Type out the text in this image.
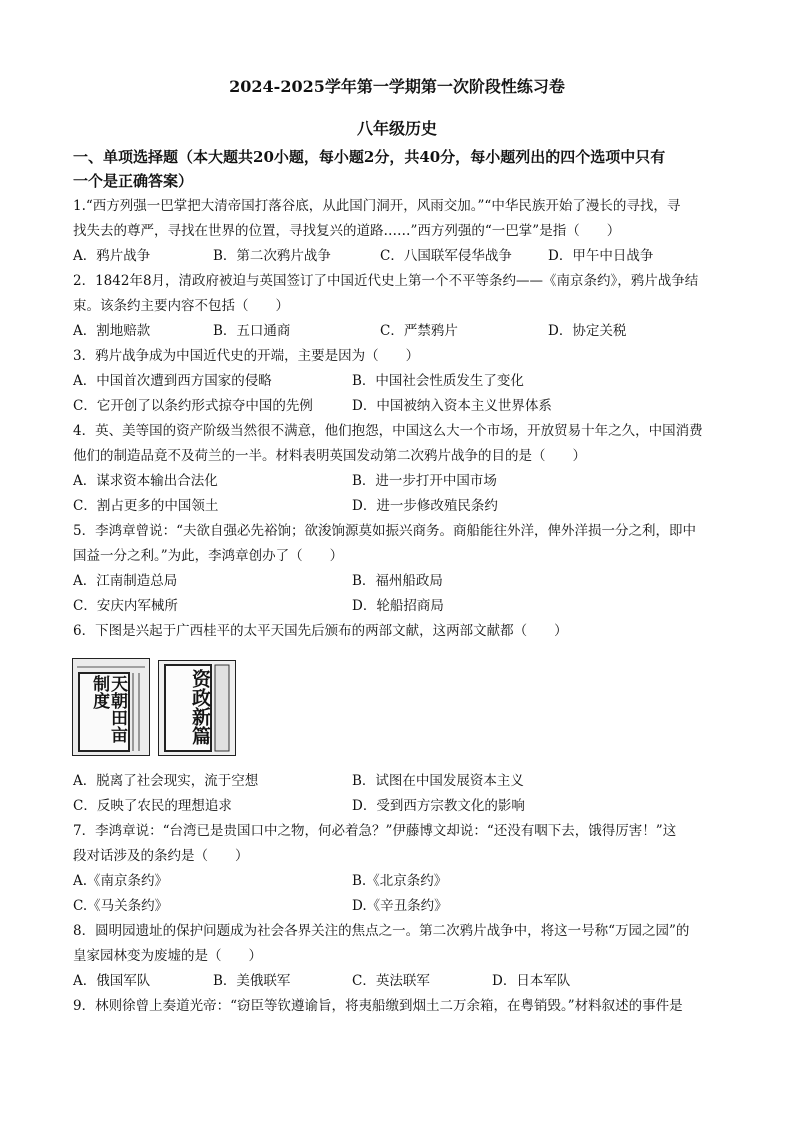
2024-2025学年第一学期第一次阶段性练习卷
八年级历史
一、单项选择题（本大题共20小题，每小题2分，共40分，每小题列出的四个选项中只有
一个是正确答案）
1.“西方列强一巴掌把大清帝国打落谷底，从此国门洞开，风雨交加。”“中华民族开始了漫长的寻找，寻
找失去的尊严，寻找在世界的位置，寻找复兴的道路……”西方列强的“一巴掌”是指（　　）
A．鸦片战争	B．第二次鸦片战争	C．八国联军侵华战争	D．甲午中日战争
2．1842年8月，清政府被迫与英国签订了中国近代史上第一个不平等条约——《南京条约》，鸦片战争结
束。该条约主要内容不包括（　　）
A．割地赔款	B．五口通商	C．严禁鸦片	D．协定关税
3．鸦片战争成为中国近代史的开端，主要是因为（　　）
A．中国首次遭到西方国家的侵略	B．中国社会性质发生了变化
C．它开创了以条约形式掠夺中国的先例	D．中国被纳入资本主义世界体系
4．英、美等国的资产阶级当然很不满意，他们抱怨，中国这么大一个市场，开放贸易十年之久，中国消费
他们的制造品竟不及荷兰的一半。材料表明英国发动第二次鸦片战争的目的是（　　）
A．谋求资本输出合法化	B．进一步打开中国市场
C．割占更多的中国领土	D．进一步修改殖民条约
5．李鸿章曾说：“夫欲自强必先裕饷；欲浚饷源莫如振兴商务。商船能往外洋，俾外洋损一分之利，即中
国益一分之利。”为此，李鸿章创办了（　　）
A．江南制造总局	B．福州船政局
C．安庆内军械所	D．轮船招商局
6．下图是兴起于广西桂平的太平天国先后颁布的两部文献，这两部文献都（　　）
天朝田亩制度	资政新篇
A．脱离了社会现实，流于空想	B．试图在中国发展资本主义
C．反映了农民的理想追求	D．受到西方宗教文化的影响
7．李鸿章说：“台湾已是贵国口中之物，何必着急？”伊藤博文却说：“还没有咽下去，饿得厉害！”这
段对话涉及的条约是（　　）
A.《南京条约》	B.《北京条约》
C.《马关条约》	D.《辛丑条约》
8．圆明园遗址的保护问题成为社会各界关注的焦点之一。第二次鸦片战争中，将这一号称“万园之园”的
皇家园林变为废墟的是（　　）
A．俄国军队	B．美俄联军	C．英法联军	D．日本军队
9．林则徐曾上奏道光帝：“窃臣等钦遵谕旨，将夷船缴到烟土二万余箱，在粤销毁。”材料叙述的事件是
